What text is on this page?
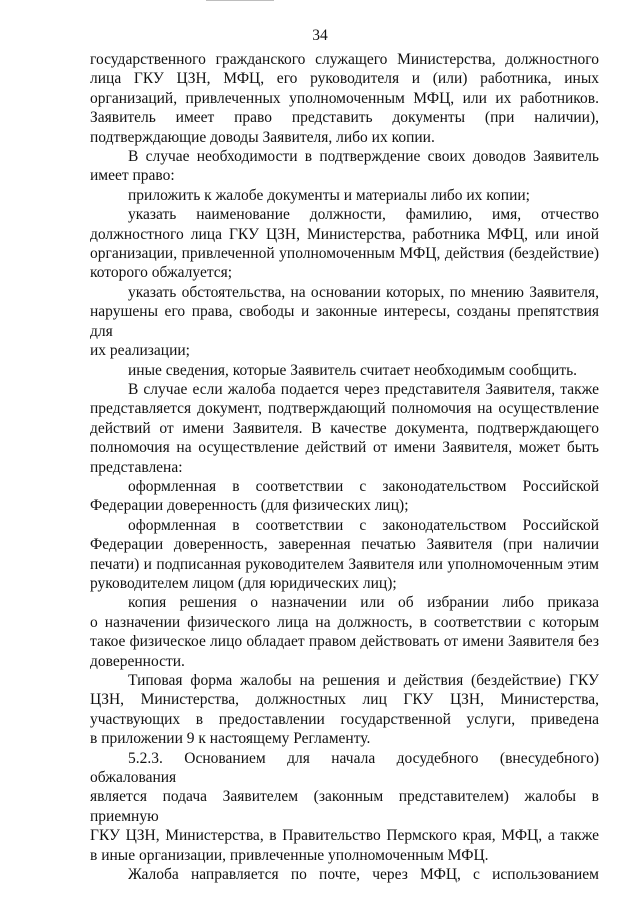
34
государственного гражданского служащего Министерства, должностного
лица ГКУ ЦЗН, МФЦ, его руководителя и (или) работника, иных
организаций, привлеченных уполномоченным МФЦ, или их работников.
Заявитель имеет право представить документы (при наличии),
подтверждающие доводы Заявителя, либо их копии.
В случае необходимости в подтверждение своих доводов Заявитель
имеет право:
приложить к жалобе документы и материалы либо их копии;
указать наименование должности, фамилию, имя, отчество
должностного лица ГКУ ЦЗН, Министерства, работника МФЦ, или иной
организации, привлеченной уполномоченным МФЦ, действия (бездействие)
которого обжалуется;
указать обстоятельства, на основании которых, по мнению Заявителя,
нарушены его права, свободы и законные интересы, созданы препятствия для
их реализации;
иные сведения, которые Заявитель считает необходимым сообщить.
В случае если жалоба подается через представителя Заявителя, также
представляется документ, подтверждающий полномочия на осуществление
действий от имени Заявителя. В качестве документа, подтверждающего
полномочия на осуществление действий от имени Заявителя, может быть
представлена:
оформленная в соответствии с законодательством Российской
Федерации доверенность (для физических лиц);
оформленная в соответствии с законодательством Российской
Федерации доверенность, заверенная печатью Заявителя (при наличии
печати) и подписанная руководителем Заявителя или уполномоченным этим
руководителем лицом (для юридических лиц);
копия решения о назначении или об избрании либо приказа
о назначении физического лица на должность, в соответствии с которым
такое физическое лицо обладает правом действовать от имени Заявителя без
доверенности.
Типовая форма жалобы на решения и действия (бездействие) ГКУ
ЦЗН, Министерства, должностных лиц ГКУ ЦЗН, Министерства,
участвующих в предоставлении государственной услуги, приведена
в приложении 9 к настоящему Регламенту.
5.2.3. Основанием для начала досудебного (внесудебного) обжалования
является подача Заявителем (законным представителем) жалобы в приемную
ГКУ ЦЗН, Министерства, в Правительство Пермского края, МФЦ, а также
в иные организации, привлеченные уполномоченным МФЦ.
Жалоба направляется по почте, через МФЦ, с использованием
